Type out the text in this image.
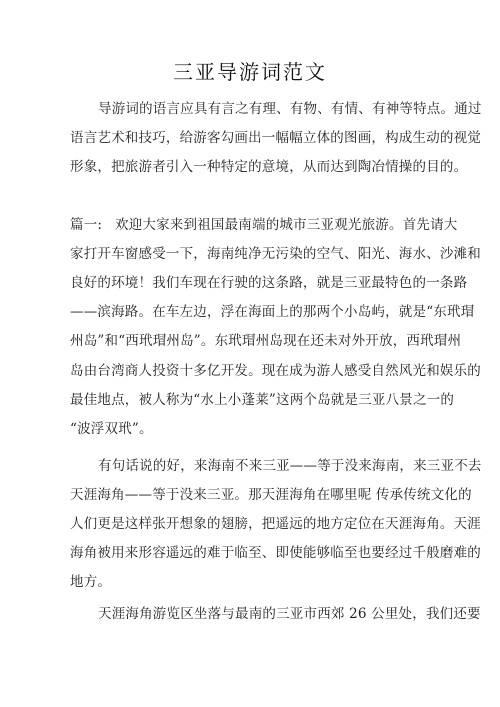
三亚导游词范文
导游词的语言应具有言之有理、有物、有情、有神等特点。通过
语言艺术和技巧，给游客勾画出一幅幅立体的图画，构成生动的视觉
形象，把旅游者引入一种特定的意境，从而达到陶冶情操的目的。
篇一: 欢迎大家来到祖国最南端的城市三亚观光旅游。首先请大
家打开车窗感受一下，海南纯净无污染的空气、阳光、海水、沙滩和
良好的环境！我们车现在行驶的这条路，就是三亚最特色的一条路
——滨海路。在车左边，浮在海面上的那两个小岛屿，就是“东玳瑁
州岛”和“西玳瑁州岛”。东玳瑁州岛现在还未对外开放，西玳瑁州
岛由台湾商人投资十多亿开发。现在成为游人感受自然风光和娱乐的
最佳地点，被人称为“水上小蓬莱”这两个岛就是三亚八景之一的
“波浮双玳”。
有句话说的好，来海南不来三亚——等于没来海南，来三亚不去
天涯海角——等于没来三亚。那天涯海角在哪里呢 传承传统文化的
人们更是这样张开想象的翅膀，把遥远的地方定位在天涯海角。天涯
海角被用来形容遥远的难于临至、即使能够临至也要经过千般磨难的
地方。
天涯海角游览区坐落与最南的三亚市西郊 26 公里处，我们还要
